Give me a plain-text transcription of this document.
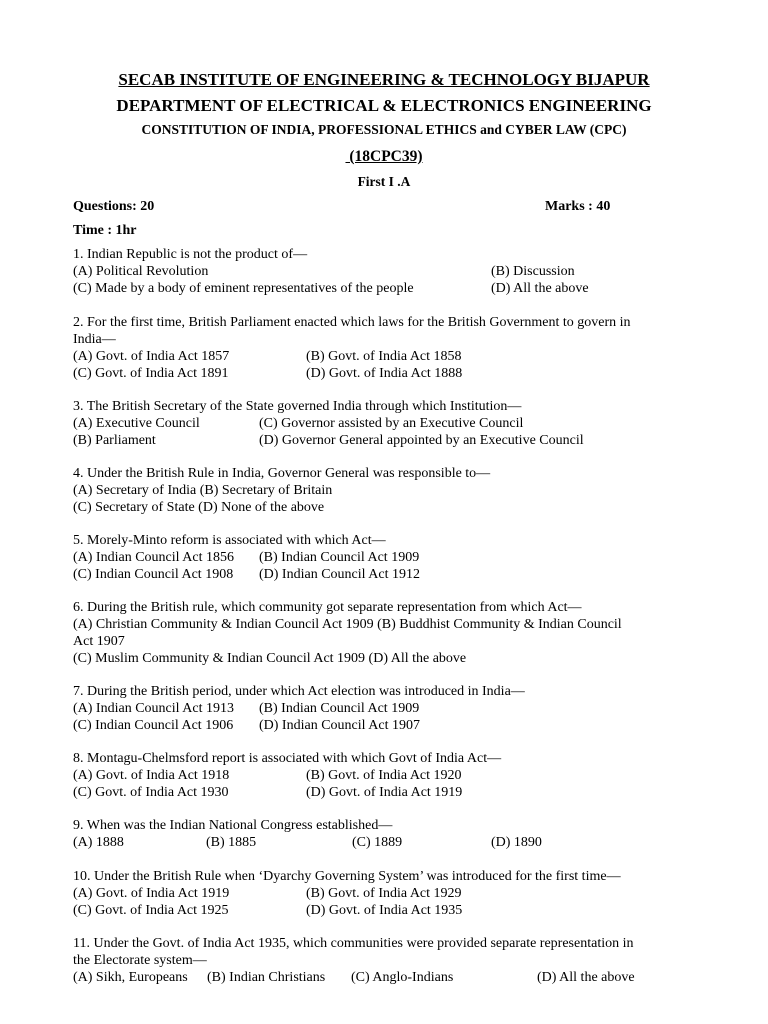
SECAB INSTITUTE OF ENGINEERING & TECHNOLOGY BIJAPUR
DEPARTMENT OF ELECTRICAL & ELECTRONICS ENGINEERING
CONSTITUTION OF INDIA, PROFESSIONAL ETHICS and CYBER LAW (CPC)
(18CPC39)
First I .A
Questions: 20	Marks : 40
Time : 1hr
1. Indian Republic is not the product of—
(A) Political Revolution	(B) Discussion
(C) Made by a body of eminent representatives of the people	(D) All the above
2. For the first time, British Parliament enacted which laws for the British Government to govern in
India—
(A) Govt. of India Act 1857	(B) Govt. of India Act 1858
(C) Govt. of India Act 1891	(D) Govt. of India Act 1888
3. The British Secretary of the State governed India through which Institution—
(A) Executive Council	(C) Governor assisted by an Executive Council
(B) Parliament	(D) Governor General appointed by an Executive Council
4. Under the British Rule in India, Governor General was responsible to—
(A) Secretary of India (B) Secretary of Britain
(C) Secretary of State (D) None of the above
5. Morely-Minto reform is associated with which Act—
(A) Indian Council Act 1856 (B) Indian Council Act 1909
(C) Indian Council Act 1908 (D) Indian Council Act 1912
6. During the British rule, which community got separate representation from which Act—
(A) Christian Community & Indian Council Act 1909 (B) Buddhist Community & Indian Council
Act 1907
(C) Muslim Community & Indian Council Act 1909 (D) All the above
7. During the British period, under which Act election was introduced in India—
(A) Indian Council Act 1913 (B) Indian Council Act 1909
(C) Indian Council Act 1906 (D) Indian Council Act 1907
8. Montagu-Chelmsford report is associated with which Govt of India Act—
(A) Govt. of India Act 1918	(B) Govt. of India Act 1920
(C) Govt. of India Act 1930	(D) Govt. of India Act 1919
9. When was the Indian National Congress established—
(A) 1888	(B) 1885	(C) 1889	(D) 1890
10. Under the British Rule when ‘Dyarchy Governing System’ was introduced for the first time—
(A) Govt. of India Act 1919	(B) Govt. of India Act 1929
(C) Govt. of India Act 1925	(D) Govt. of India Act 1935
11. Under the Govt. of India Act 1935, which communities were provided separate representation in
the Electorate system—
(A) Sikh, Europeans (B) Indian Christians (C) Anglo-Indians	(D) All the above
